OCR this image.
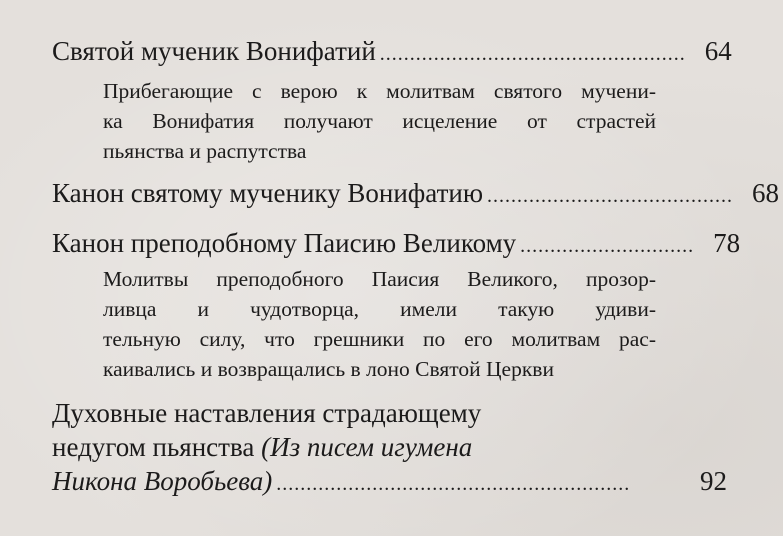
Святой мученик Вонифатий ................................................... 64
Прибегающие с верою к молитвам святого мучени-
ка Вонифатия получают исцеление от страстей
пьянства и распутства
Канон святому мученику Вонифатию ......................................... 68
Канон преподобному Паисию Великому ............................. 78
Молитвы преподобного Паисия Великого, прозор-
ливца и чудотворца, имели такую удиви-
тельную силу, что грешники по его молитвам рас-
каивались и возвращались в лоно Святой Церкви
Духовные наставления страдающему
недугом пьянства (Из писем игумена
Никона Воробьева) ...........................................................	92
